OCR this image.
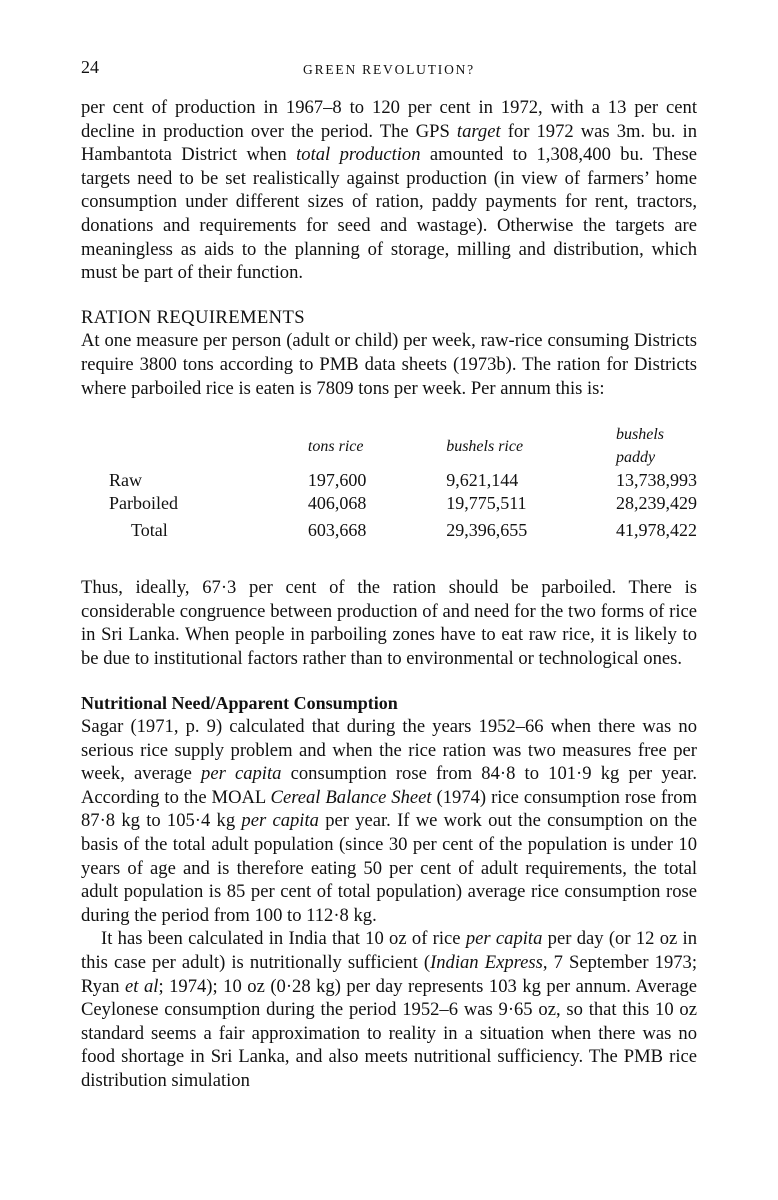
24	GREEN REVOLUTION?

per cent of production in 1967–8 to 120 per cent in 1972, with a 13 per cent decline in production over the period. The GPS target for 1972 was 3m. bu. in Hambantota District when total production amounted to 1,308,400 bu. These targets need to be set realistically against production (in view of farmers’ home consumption under different sizes of ration, paddy payments for rent, tractors, donations and requirements for seed and wastage). Otherwise the targets are meaningless as aids to the planning of storage, milling and distribution, which must be part of their function.

RATION REQUIREMENTS

At one measure per person (adult or child) per week, raw-rice consuming Districts require 3800 tons according to PMB data sheets (1973b). The ration for Districts where parboiled rice is eaten is 7809 tons per week. Per annum this is:

	tons rice	bushels rice	bushels paddy
Raw	197,600	9,621,144	13,738,993
Parboiled	406,068	19,775,511	28,239,429
Total	603,668	29,396,655	41,978,422

Thus, ideally, 67·3 per cent of the ration should be parboiled. There is considerable congruence between production of and need for the two forms of rice in Sri Lanka. When people in parboiling zones have to eat raw rice, it is likely to be due to institutional factors rather than to environmental or technological ones.

Nutritional Need/Apparent Consumption

Sagar (1971, p. 9) calculated that during the years 1952–66 when there was no serious rice supply problem and when the rice ration was two measures free per week, average per capita consumption rose from 84·8 to 101·9 kg per year. According to the MOAL Cereal Balance Sheet (1974) rice consumption rose from 87·8 kg to 105·4 kg per capita per year. If we work out the consumption on the basis of the total adult population (since 30 per cent of the population is under 10 years of age and is therefore eating 50 per cent of adult requirements, the total adult population is 85 per cent of total population) average rice consumption rose during the period from 100 to 112·8 kg.

It has been calculated in India that 10 oz of rice per capita per day (or 12 oz in this case per adult) is nutritionally sufficient (Indian Express, 7 September 1973; Ryan et al; 1974); 10 oz (0·28 kg) per day represents 103 kg per annum. Average Ceylonese consumption during the period 1952–6 was 9·65 oz, so that this 10 oz standard seems a fair approximation to reality in a situation when there was no food shortage in Sri Lanka, and also meets nutritional sufficiency. The PMB rice distribution simulation
